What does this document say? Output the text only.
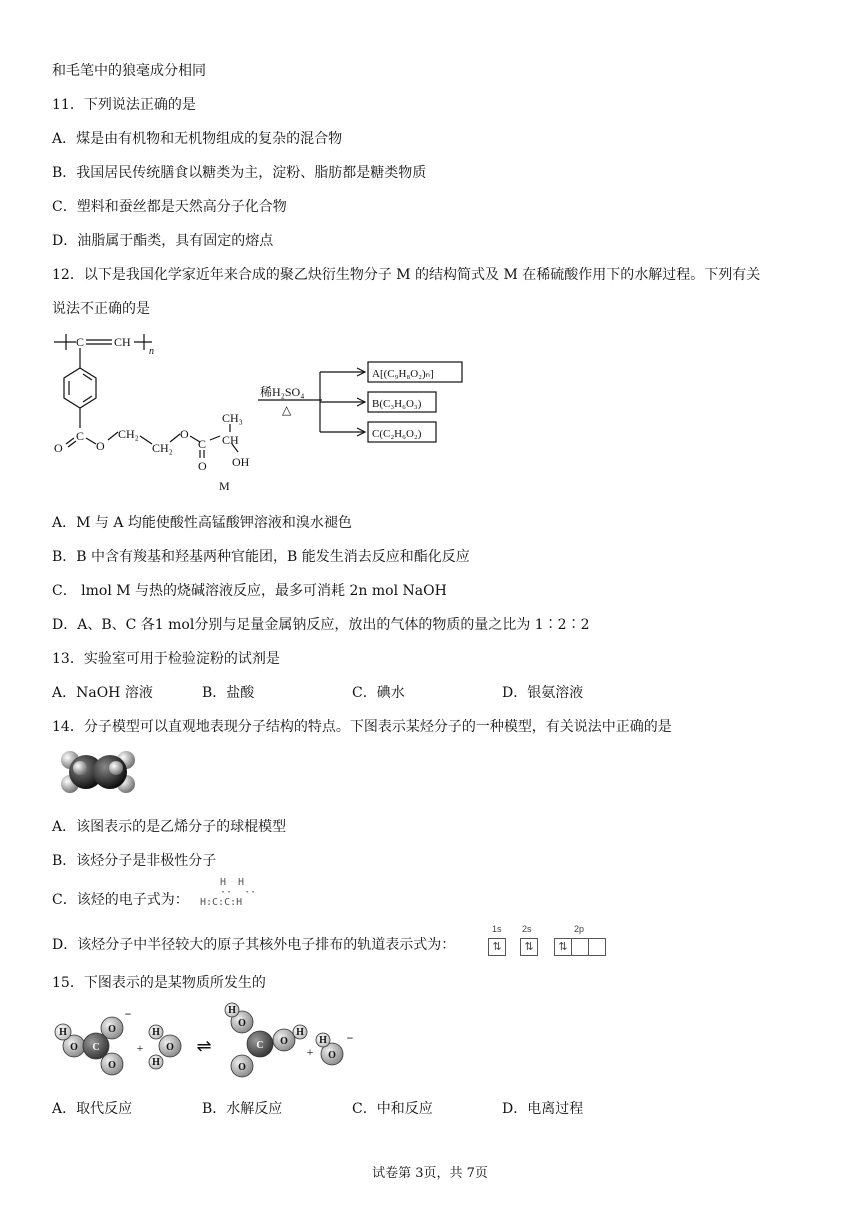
和毛笔中的狼毫成分相同
11．下列说法正确的是
A．煤是由有机物和无机物组成的复杂的混合物
B．我国居民传统膳食以糖类为主，淀粉、脂肪都是糖类物质
C．塑料和蚕丝都是天然高分子化合物
D．油脂属于酯类，具有固定的熔点
12．以下是我国化学家近年来合成的聚乙炔衍生物分子 M 的结构简式及 M 在稀硫酸作用下的水解过程。下列有关
说法不正确的是
C CH
n
C
O	O
CH₂
CH₂
O
C
O
CH₃
CH
OH
M
稀H₂SO₄
△
A[(C₉H₈O₂)ₙ]
B(C₃H₆O₃)
C(C₂H₆O₂)
A．M 与 A 均能使酸性高锰酸钾溶液和溴水褪色
B．B 中含有羧基和羟基两种官能团，B 能发生消去反应和酯化反应
C． lmol M 与热的烧碱溶液反应，最多可消耗 2n mol NaOH
D．A、B、C 各1 mol分别与足量金属钠反应，放出的气体的物质的量之比为 1∶2∶2
13．实验室可用于检验淀粉的试剂是
A．NaOH 溶液	B．盐酸	C．碘水	D．银氨溶液
14．分子模型可以直观地表现分子结构的特点。下图表示某烃分子的一种模型，有关说法中正确的是
A．该图表示的是乙烯分子的球棍模型
B．该烃分子是非极性分子
C．该烃的电子式为：
H  H
··  ··
H:C:C:H
D．该烃分子中半径较大的原子其核外电子排布的轨道表示式为：
1s 2s	2p
⇅	⇅	⇅
15．下图表示的是某物质所发生的
O
O
O C
H
−
+ O
H
H
⇌
O
O
O
C
H
H
+ O
H −
A．取代反应	B．水解反应	C．中和反应	D．电离过程
试卷第 3页，共 7页
